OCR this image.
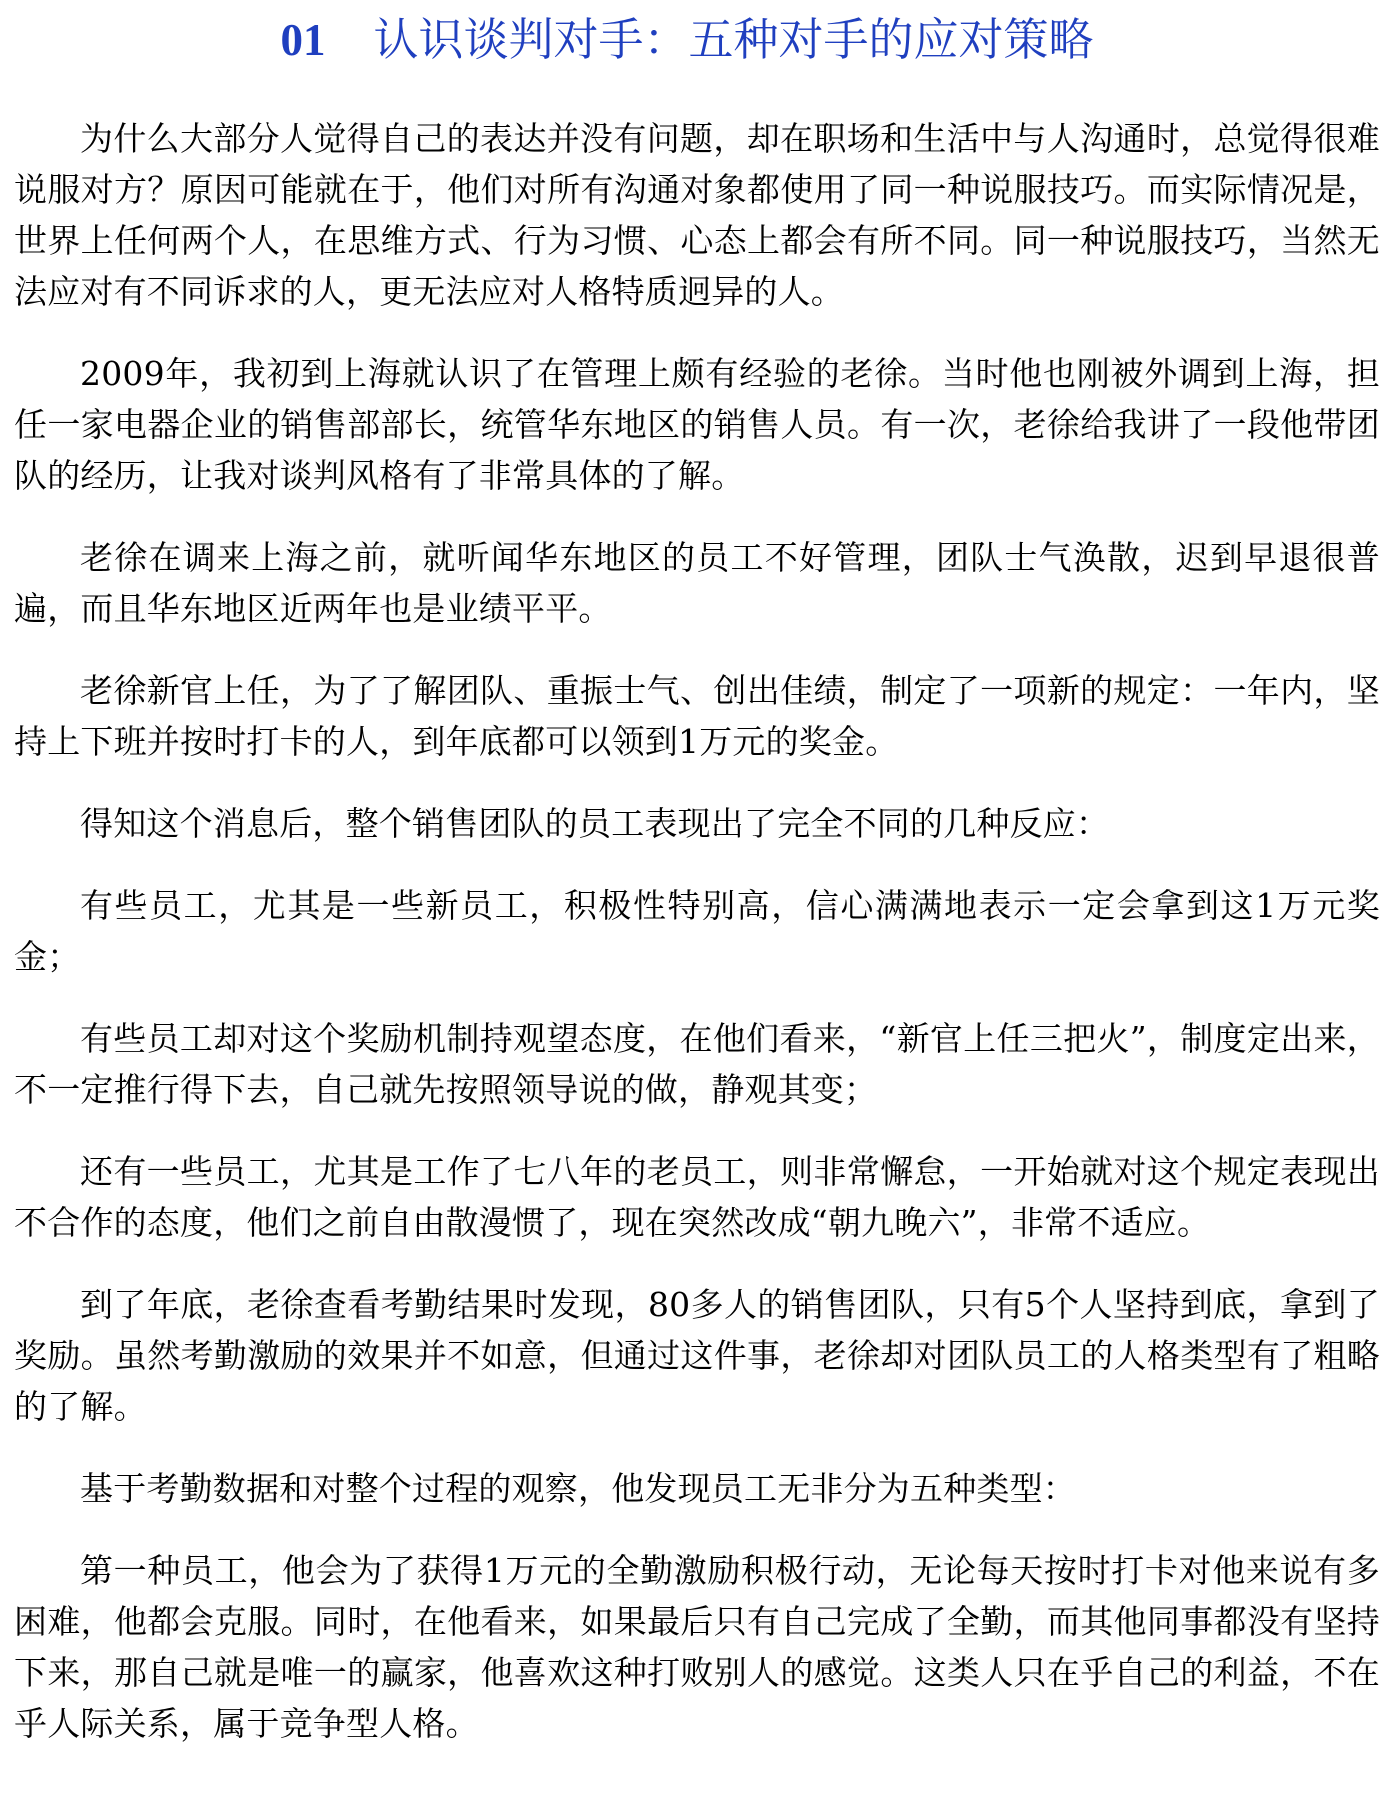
01 认识谈判对手：五种对手的应对策略

为什么大部分人觉得自己的表达并没有问题，却在职场和生活中与人沟通时，总觉得很难说服对方？原因可能就在于，他们对所有沟通对象都使用了同一种说服技巧。而实际情况是，世界上任何两个人，在思维方式、行为习惯、心态上都会有所不同。同一种说服技巧，当然无法应对有不同诉求的人，更无法应对人格特质迥异的人。

2009年，我初到上海就认识了在管理上颇有经验的老徐。当时他也刚被外调到上海，担任一家电器企业的销售部部长，统管华东地区的销售人员。有一次，老徐给我讲了一段他带团队的经历，让我对谈判风格有了非常具体的了解。

老徐在调来上海之前，就听闻华东地区的员工不好管理，团队士气涣散，迟到早退很普遍，而且华东地区近两年也是业绩平平。

老徐新官上任，为了了解团队、重振士气、创出佳绩，制定了一项新的规定：一年内，坚持上下班并按时打卡的人，到年底都可以领到1万元的奖金。

得知这个消息后，整个销售团队的员工表现出了完全不同的几种反应：

有些员工，尤其是一些新员工，积极性特别高，信心满满地表示一定会拿到这1万元奖金；

有些员工却对这个奖励机制持观望态度，在他们看来，“新官上任三把火”，制度定出来，不一定推行得下去，自己就先按照领导说的做，静观其变；

还有一些员工，尤其是工作了七八年的老员工，则非常懈怠，一开始就对这个规定表现出不合作的态度，他们之前自由散漫惯了，现在突然改成“朝九晚六”，非常不适应。

到了年底，老徐查看考勤结果时发现，80多人的销售团队，只有5个人坚持到底，拿到了奖励。虽然考勤激励的效果并不如意，但通过这件事，老徐却对团队员工的人格类型有了粗略的了解。

基于考勤数据和对整个过程的观察，他发现员工无非分为五种类型：

第一种员工，他会为了获得1万元的全勤激励积极行动，无论每天按时打卡对他来说有多困难，他都会克服。同时，在他看来，如果最后只有自己完成了全勤，而其他同事都没有坚持下来，那自己就是唯一的赢家，他喜欢这种打败别人的感觉。这类人只在乎自己的利益，不在乎人际关系，属于竞争型人格。
